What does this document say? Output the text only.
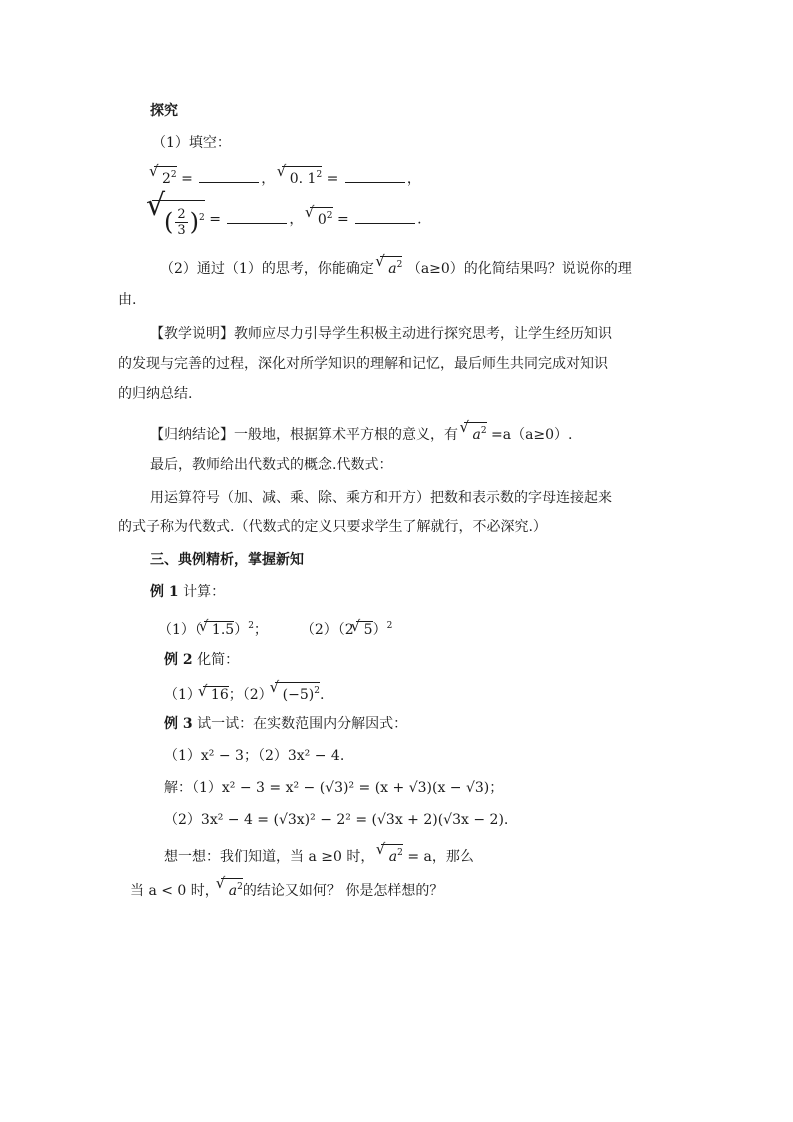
探究
（1）填空：
√ $2^2$ =	， √ 0. $1^2$ =	，
√ ( $\frac{2}{3} )^2$ =	， √ $0^2$ =	.
（2）通过（1）的思考，你能确定 √ $a^2$ （a≥0）的化简结果吗？说说你的理
由.
【教学说明】教师应尽力引导学生积极主动进行探究思考，让学生经历知识
的发现与完善的过程，深化对所学知识的理解和记忆，最后师生共同完成对知识
的归纳总结.
【归纳结论】一般地，根据算术平方根的意义，有 √ $a^2 =a(a\ge 0)$.
最后，教师给出代数式的概念.代数式：
用运算符号（加、减、乘、除、乘方和开方）把数和表示数的字母连接起来
的式子称为代数式.（代数式的定义只要求学生了解就行，不必深究.）
三、典例精析，掌握新知
例 1 计算：
（1）（ √ 1.5）$^2$；  （2）（2 √ 5）$^2$
例 2 化简：
（1） √ 16；（2） √ $(-5)^2$.
例 3 试一试：在实数范围内分解因式：
（1）x² − 3；（2）3x² − 4.
解：（1）x² − 3 = x² − (√3)² = (x + √3)(x − √3)；
（2）3x² − 4 = (√3x)² − 2² = (√3x + 2)(√3x − 2).
想一想：我们知道，当 a ≥0 时， √ $a^2 = a$，那么
当 a < 0 时， √ $a^2$的结论又如何？ 你是怎样想的？
